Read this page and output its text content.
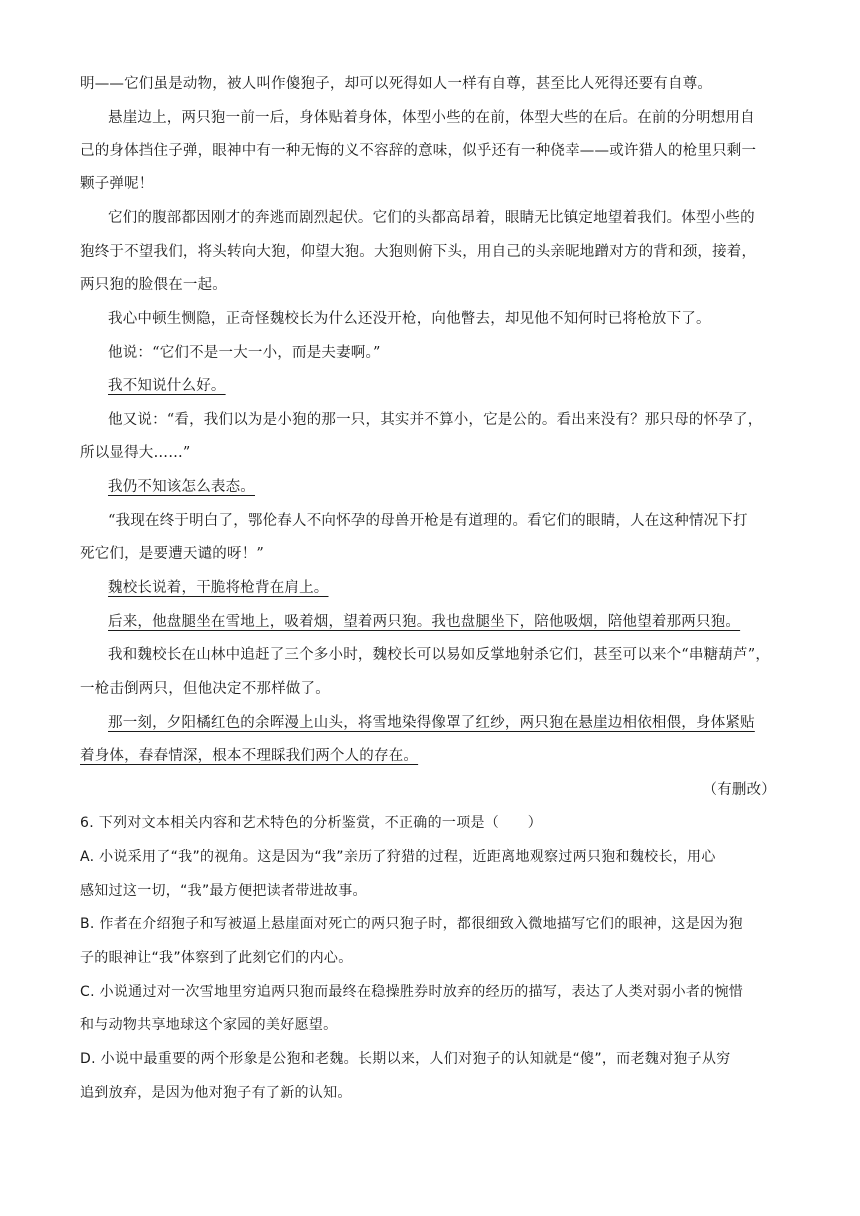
明——它们虽是动物，被人叫作傻狍子，却可以死得如人一样有自尊，甚至比人死得还要有自尊。
悬崖边上，两只狍一前一后，身体贴着身体，体型小些的在前，体型大些的在后。在前的分明想用自
己的身体挡住子弹，眼神中有一种无悔的义不容辞的意味，似乎还有一种侥幸——或许猎人的枪里只剩一
颗子弹呢！
它们的腹部都因刚才的奔逃而剧烈起伏。它们的头都高昂着，眼睛无比镇定地望着我们。体型小些的
狍终于不望我们，将头转向大狍，仰望大狍。大狍则俯下头，用自己的头亲昵地蹭对方的背和颈，接着，
两只狍的脸偎在一起。
我心中顿生恻隐，正奇怪魏校长为什么还没开枪，向他瞥去，却见他不知何时已将枪放下了。
他说：“它们不是一大一小，而是夫妻啊。”
我不知说什么好。
他又说：“看，我们以为是小狍的那一只，其实并不算小，它是公的。看出来没有？那只母的怀孕了，
所以显得大……”
我仍不知该怎么表态。
“我现在终于明白了，鄂伦春人不向怀孕的母兽开枪是有道理的。看它们的眼睛，人在这种情况下打
死它们，是要遭天谴的呀！”
魏校长说着，干脆将枪背在肩上。
后来，他盘腿坐在雪地上，吸着烟，望着两只狍。我也盘腿坐下，陪他吸烟，陪他望着那两只狍。
我和魏校长在山林中追赶了三个多小时，魏校长可以易如反掌地射杀它们，甚至可以来个“串糖葫芦”，
一枪击倒两只，但他决定不那样做了。
那一刻，夕阳橘红色的余晖漫上山头，将雪地染得像罩了红纱，两只狍在悬崖边相依相偎，身体紧贴
着身体，春春情深，根本不理睬我们两个人的存在。
（有删改）
6. 下列对文本相关内容和艺术特色的分析鉴赏，不正确的一项是（　　）
A. 小说采用了“我”的视角。这是因为“我”亲历了狩猎的过程，近距离地观察过两只狍和魏校长，用心
感知过这一切，“我”最方便把读者带进故事。
B. 作者在介绍狍子和写被逼上悬崖面对死亡的两只狍子时，都很细致入微地描写它们的眼神，这是因为狍
子的眼神让“我”体察到了此刻它们的内心。
C. 小说通过对一次雪地里穷追两只狍而最终在稳操胜券时放弃的经历的描写，表达了人类对弱小者的惋惜
和与动物共享地球这个家园的美好愿望。
D. 小说中最重要的两个形象是公狍和老魏。长期以来，人们对狍子的认知就是“傻”，而老魏对狍子从穷
追到放弃，是因为他对狍子有了新的认知。
